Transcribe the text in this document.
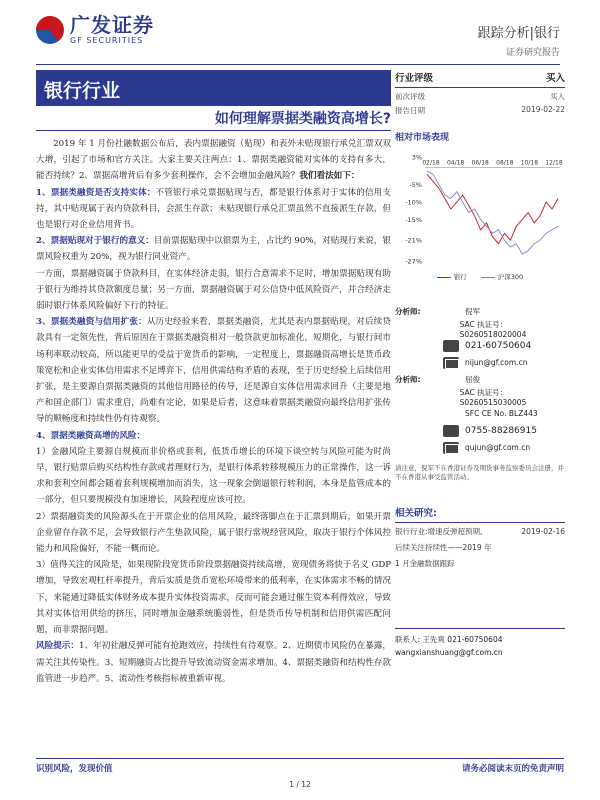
广发证券
GF SECURITIES	跟踪分析|银行
证券研究报告
银行行业
如何理解票据类融资高增长?

2019 年 1 月份社融数据公布后，表内票据融资（贴现）和表外未贴现银行承兑汇票双双大增，引起了市场和官方关注。大家主要关注两点：1、票据类融资能对实体的支持有多大，能否持续？2、票据高增背后有多少套利操作，会不会增加金融风险？我们看法如下：

1、票据类融资是否支持实体：不管银行承兑票据贴现与否，都是银行体系对于实体的信用支持，其中贴现属于表内贷款科目，会派生存款；未贴现银行承兑汇票虽然不直接派生存款，但也是银行对企业信用背书。

2、票据贴现对于银行的意义：目前票据贴现中以银票为主，占比约 90%，对贴现行来说，银票风险权重为 20%，视为银行同业资产。

一方面，票据融资属于贷款科目，在实体经济走弱，银行合意需求不足时，增加票据贴现有助于银行为维持其贷款额度总量；另一方面，票据融资属于对公信贷中低风险资产，并合经济走弱时银行体系风险偏好下行的特征。

3、票据类融资与信用扩张：从历史经验来看，票据类融资，尤其是表内票据贴现，对后续贷款具有一定领先性，背后原因在于票据类融资相对一般贷款更加标准化，短期化，与银行间市场利率联动较高，所以能更早的受益于宽货币的影响，一定程度上，票据融资高增长是货币政策宽松和企业实体信用需求不足博弈下，信用供需结构矛盾的表现，至于历史经验上后续信用扩张，是主要源自票据类融资的其他信用路径的传导，还是源自实体信用需求回升（主要是地产和国企部门）需求重启，尚难有定论，如果是后者，这意味着票据类融资向最终信用扩张传导的顺畅度和持续性仍有待观察。

4、票据类融资高增的风险：

1）金融风险主要源自规模而非价格或套利，低货币增长的环境下谈空转与风险可能为时尚早，银行贴票后购买结构性存款或者理财行为，是银行体系转移规模压力的正常操作，这一诉求和套利空间都会随着套利规模增加而消失，这一现象会倒逼银行转利润，本身是监管成本的一部分，但只要规模没有加速增长，风险程度应该可控。

2）票据融资类的风险源头在于开票企业的信用风险，最终落脚点在于汇票到期后，如果开票企业留存存款不足，会导致银行产生垫款风险，属于银行常规经营风险，取决于银行个体风控能力和风险偏好，不能一概而论。

3）值得关注的风险是，如果现阶段宽货币阶段票据融资持续高增，宽现债务将快于名义 GDP 增加，导致宏观杠杆率提升，背后实质是货币宽松环境带来的低利率，在实体需求不畅的情况下，来能通过降低实体财务成本提升实体投资需求，反而可能会通过催生资本利得效应，导致其对实体信用供给的挤压，同时增加金融系统脆弱性，但是货币传导机制和信用供需匹配问题，而非票据问题。

风险提示：1、年初社融反弹可能有抢跑效应，持续性有待观察。2、近期债市风险仍在暴露，需关注其传染性。3、短期融资占比提升导致流动资金需求增加。4、票据类融资和结构性存款监管进一步趋严。5、流动性考核指标被重新审视。

行业评级	买入
前次评级	买入
报告日期	2019-02-22
相对市场表现
3%
-5%
-10%
-15%
-21%
-27%
02/18 04/18 06/18 08/18 10/18 12/18
银行	沪深300
分析师:	倪军
SAC 执证号：S0260518020004
021-60750604
nijun@gf.com.cn
分析师:	屈俊
SAC 执证号：S0260515030005
SFC CE No. BLZ443
0755-88286915
qujun@gf.com.cn
请注意，倪军不在香港证券及期货事务监察委员会注册，并不在香港从事受监管活动。
相关研究:
2019-02-16
银行行业:增速反弹超预期,
后续关注持续性——2019 年
1 月金融数据跟踪
联系人: 王先爽 021-60750604
wangxianshuang@gf.com.cn
识别风险，发现价值	请务必阅读末页的免责声明
1 / 12
